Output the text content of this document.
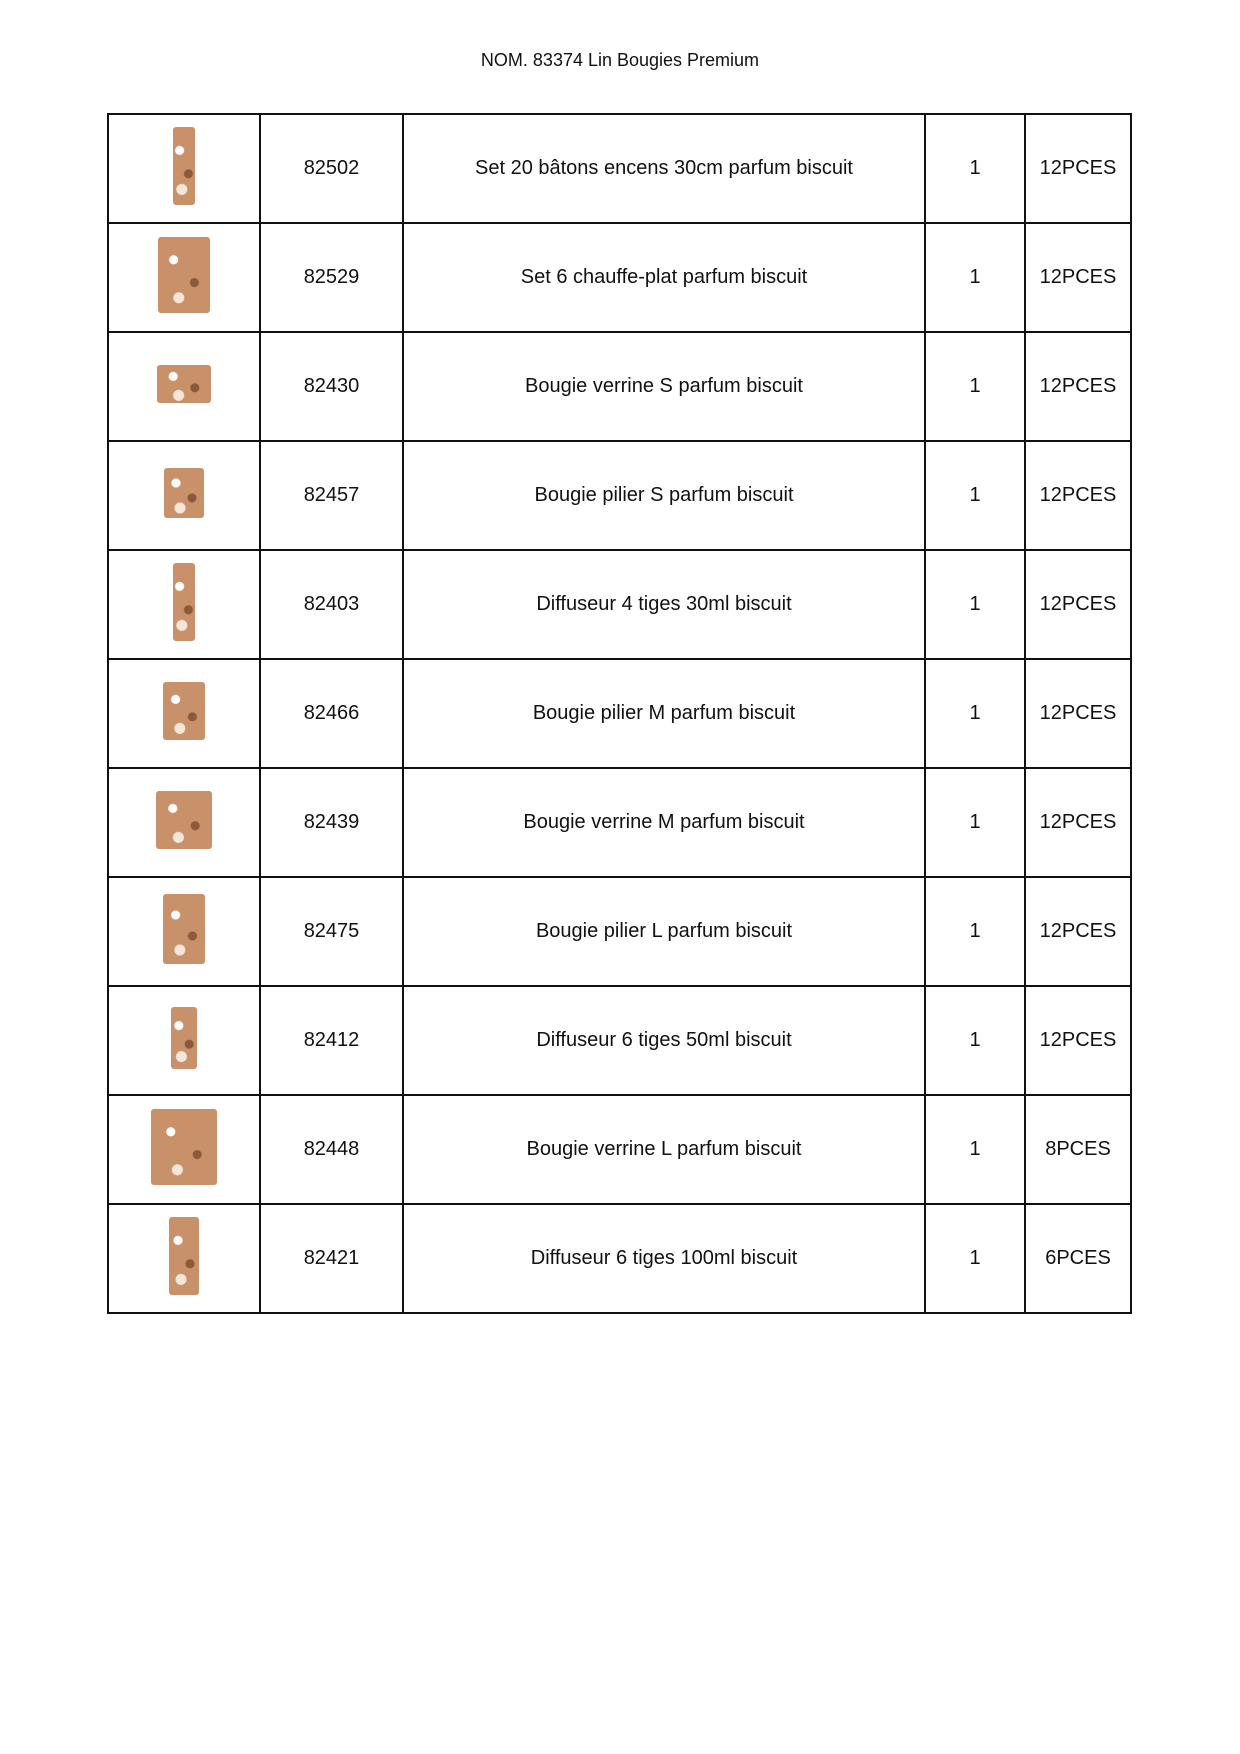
NOM. 83374 Lin Bougies Premium
	82502	Set 20 bâtons encens 30cm parfum biscuit	1	12PCES
	82529	Set 6 chauffe-plat parfum biscuit	1	12PCES
	82430	Bougie verrine S parfum biscuit	1	12PCES
	82457	Bougie pilier S parfum biscuit	1	12PCES
	82403	Diffuseur 4 tiges 30ml biscuit	1	12PCES
	82466	Bougie pilier M parfum biscuit	1	12PCES
	82439	Bougie verrine M parfum biscuit	1	12PCES
	82475	Bougie pilier L parfum biscuit	1	12PCES
	82412	Diffuseur 6 tiges 50ml biscuit	1	12PCES
	82448	Bougie verrine L parfum biscuit	1	8PCES
	82421	Diffuseur 6 tiges 100ml biscuit	1	6PCES
